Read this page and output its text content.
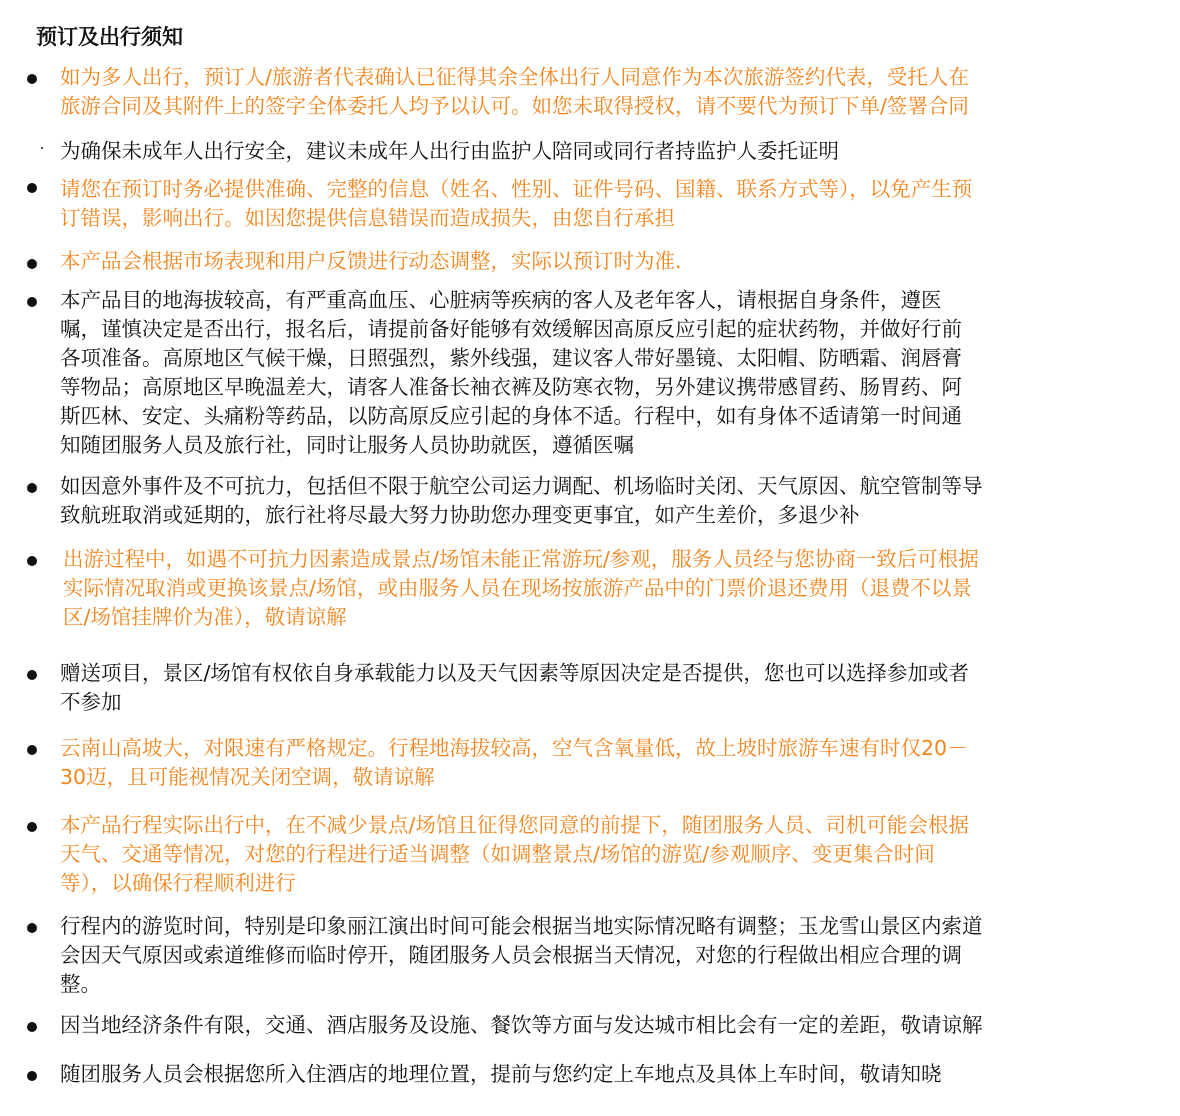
预订及出行须知
如为多人出行，预订人/旅游者代表确认已征得其余全体出行人同意作为本次旅游签约代表，受托人在
旅游合同及其附件上的签字全体委托人均予以认可。如您未取得授权，请不要代为预订下单/签署合同
为确保未成年人出行安全，建议未成年人出行由监护人陪同或同行者持监护人委托证明
请您在预订时务必提供准确、完整的信息（姓名、性别、证件号码、国籍、联系方式等），以免产生预
订错误，影响出行。如因您提供信息错误而造成损失，由您自行承担
本产品会根据市场表现和用户反馈进行动态调整，实际以预订时为准.
本产品目的地海拔较高，有严重高血压、心脏病等疾病的客人及老年客人，请根据自身条件，遵医
嘱，谨慎决定是否出行，报名后，请提前备好能够有效缓解因高原反应引起的症状药物，并做好行前
各项准备。高原地区气候干燥，日照强烈，紫外线强，建议客人带好墨镜、太阳帽、防晒霜、润唇膏
等物品；高原地区早晚温差大，请客人准备长袖衣裤及防寒衣物，另外建议携带感冒药、肠胃药、阿
斯匹林、安定、头痛粉等药品，以防高原反应引起的身体不适。行程中，如有身体不适请第一时间通
知随团服务人员及旅行社，同时让服务人员协助就医，遵循医嘱
如因意外事件及不可抗力，包括但不限于航空公司运力调配、机场临时关闭、天气原因、航空管制等导
致航班取消或延期的，旅行社将尽最大努力协助您办理变更事宜，如产生差价，多退少补
出游过程中，如遇不可抗力因素造成景点/场馆未能正常游玩/参观，服务人员经与您协商一致后可根据
实际情况取消或更换该景点/场馆，或由服务人员在现场按旅游产品中的门票价退还费用（退费不以景
区/场馆挂牌价为准），敬请谅解
赠送项目，景区/场馆有权依自身承载能力以及天气因素等原因决定是否提供，您也可以选择参加或者
不参加
云南山高坡大，对限速有严格规定。行程地海拔较高，空气含氧量低，故上坡时旅游车速有时仅20－
30迈，且可能视情况关闭空调，敬请谅解
本产品行程实际出行中，在不减少景点/场馆且征得您同意的前提下，随团服务人员、司机可能会根据
天气、交通等情况，对您的行程进行适当调整（如调整景点/场馆的游览/参观顺序、变更集合时间
等），以确保行程顺利进行
行程内的游览时间，特别是印象丽江演出时间可能会根据当地实际情况略有调整；玉龙雪山景区内索道
会因天气原因或索道维修而临时停开，随团服务人员会根据当天情况，对您的行程做出相应合理的调
整。
因当地经济条件有限，交通、酒店服务及设施、餐饮等方面与发达城市相比会有一定的差距，敬请谅解
随团服务人员会根据您所入住酒店的地理位置，提前与您约定上车地点及具体上车时间，敬请知晓
